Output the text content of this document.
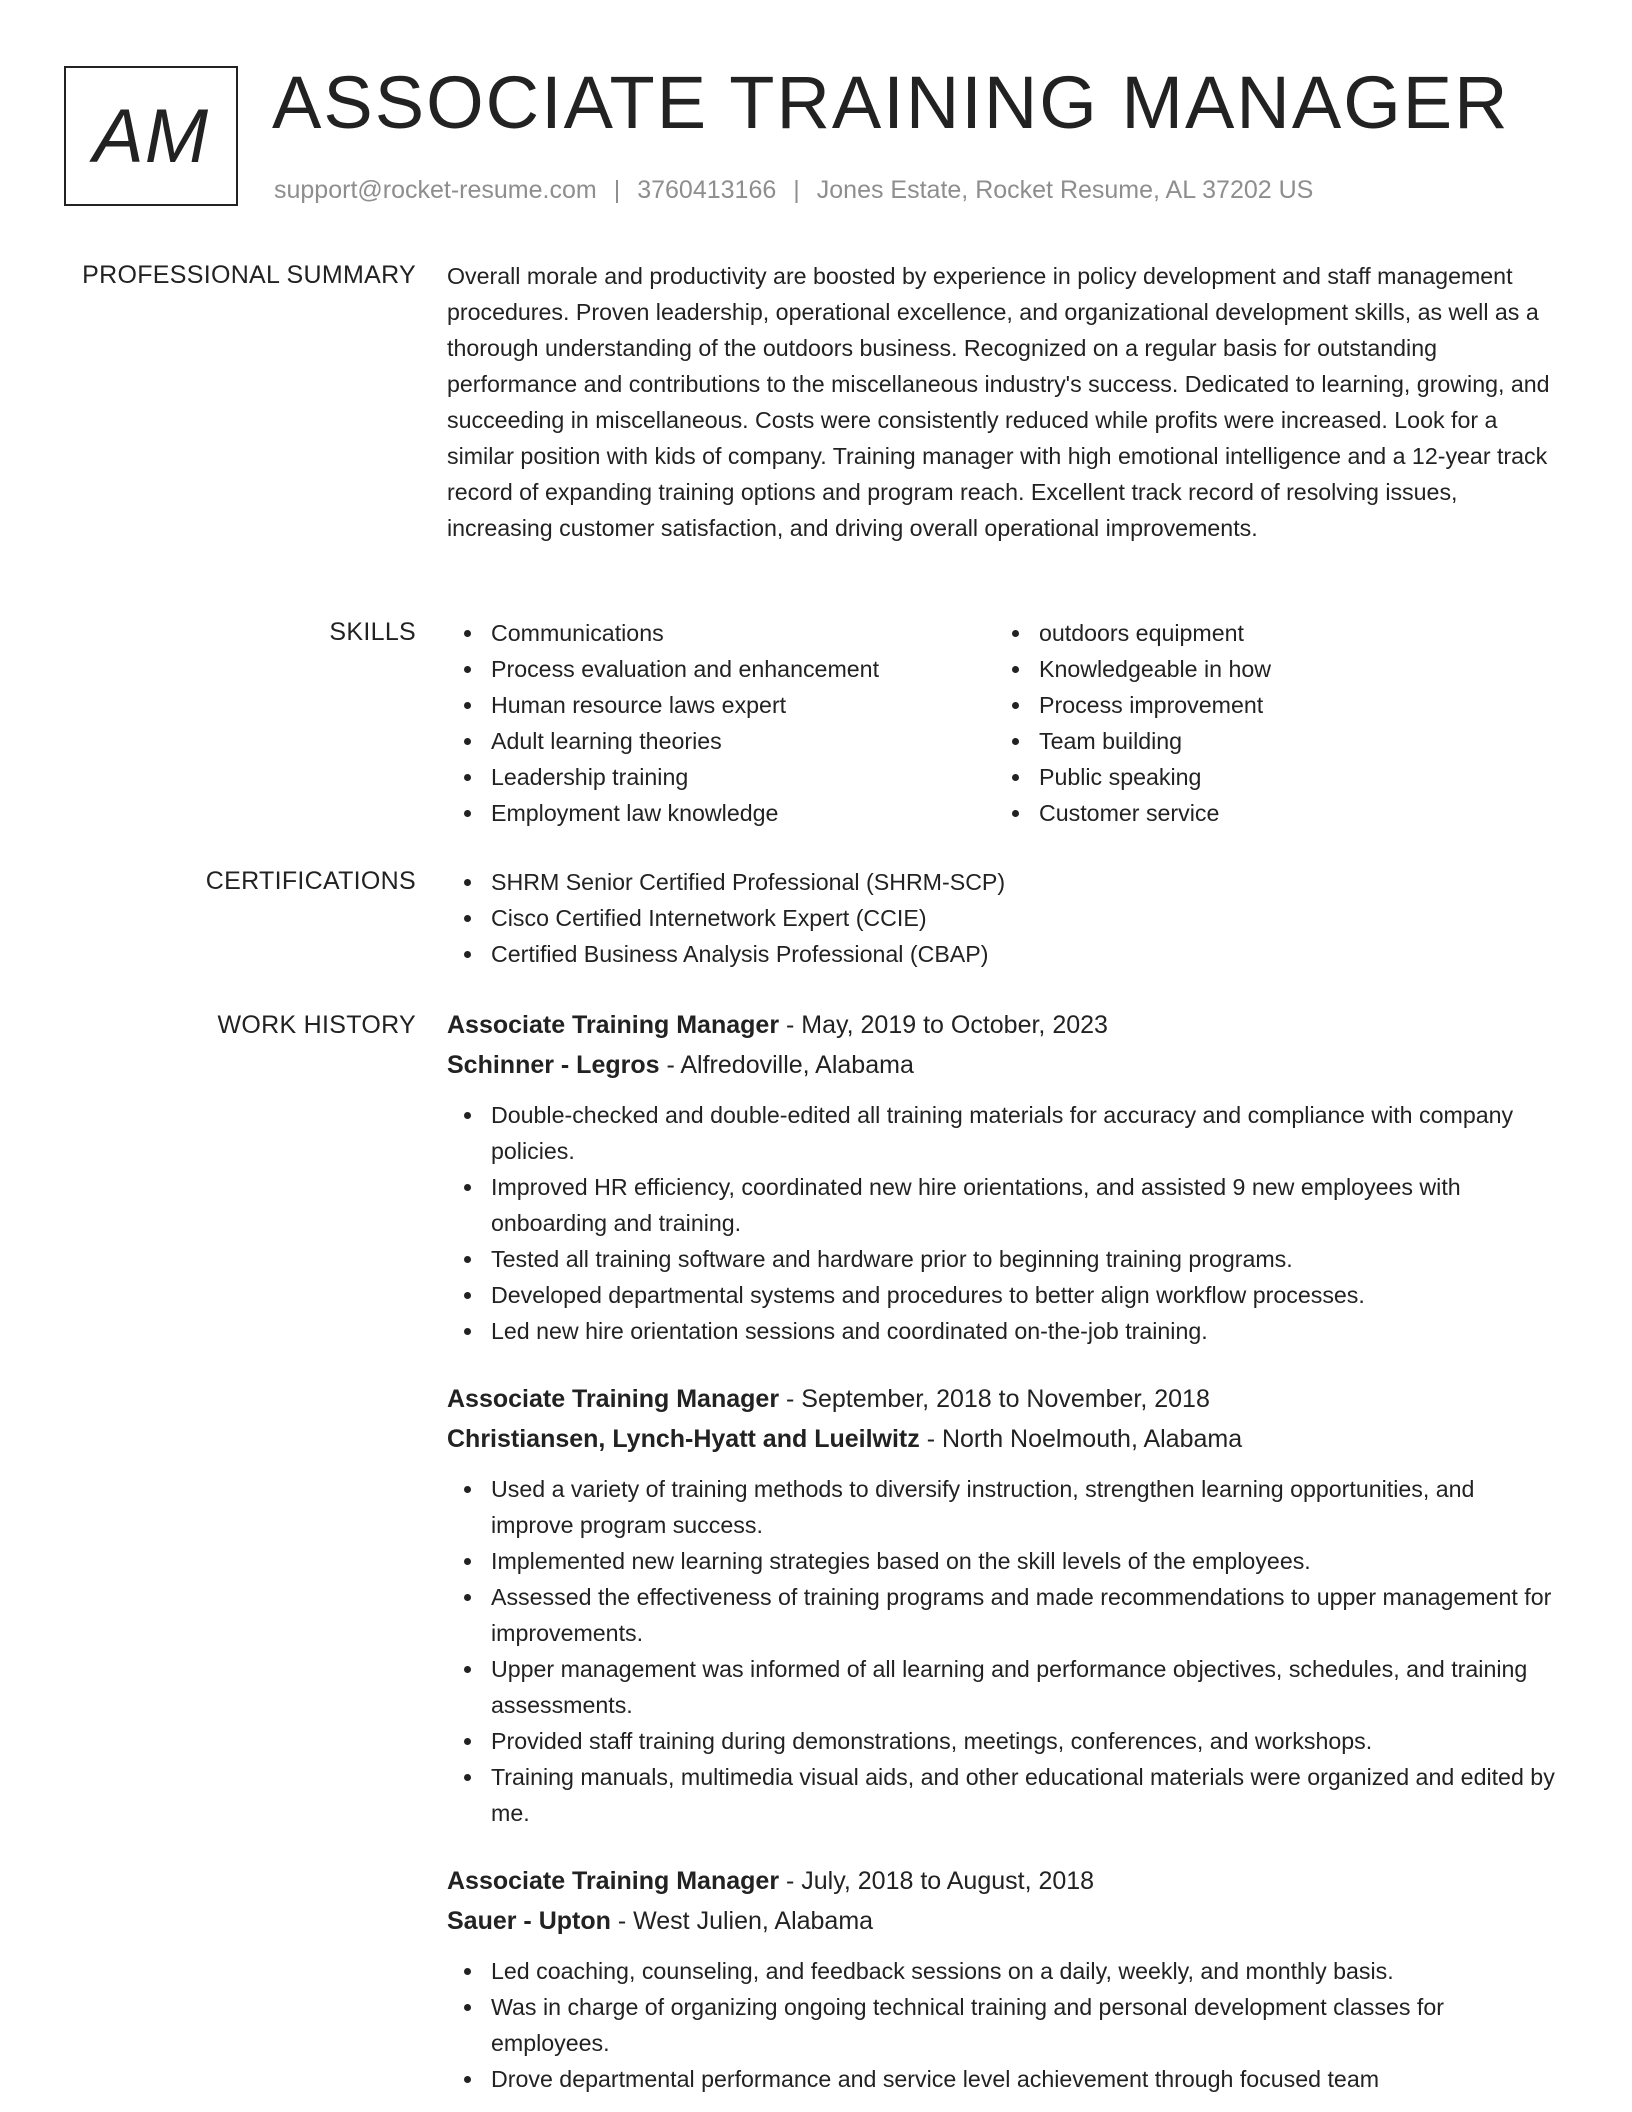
AM ASSOCIATE TRAINING MANAGER
support@rocket-resume.com | 3760413166 | Jones Estate, Rocket Resume, AL 37202 US
PROFESSIONAL SUMMARY Overall morale and productivity are boosted by experience in policy development and staff management procedures. Proven leadership, operational excellence, and organizational development skills, as well as a thorough understanding of the outdoors business. Recognized on a regular basis for outstanding performance and contributions to the miscellaneous industry's success. Dedicated to learning, growing, and succeeding in miscellaneous. Costs were consistently reduced while profits were increased. Look for a similar position with kids of company. Training manager with high emotional intelligence and a 12-year track record of expanding training options and program reach. Excellent track record of resolving issues, increasing customer satisfaction, and driving overall operational improvements.

SKILLS	Communications
Process evaluation and enhancement
Human resource laws expert
Adult learning theories
Leadership training
Employment law knowledge
outdoors equipment
Knowledgeable in how
Process improvement
Team building
Public speaking
Customer service
CERTIFICATIONS	SHRM Senior Certified Professional (SHRM-SCP)
Cisco Certified Internetwork Expert (CCIE)
Certified Business Analysis Professional (CBAP)
WORK HISTORY Associate Training Manager - May, 2019 to October, 2023
Schinner - Legros - Alfredoville, Alabama
Double-checked and double-edited all training materials for accuracy and compliance with company policies.
Improved HR efficiency, coordinated new hire orientations, and assisted 9 new employees with onboarding and training.
Tested all training software and hardware prior to beginning training programs.
Developed departmental systems and procedures to better align workflow processes.
Led new hire orientation sessions and coordinated on-the-job training.
Associate Training Manager - September, 2018 to November, 2018
Christiansen, Lynch-Hyatt and Lueilwitz - North Noelmouth, Alabama
Used a variety of training methods to diversify instruction, strengthen learning opportunities, and improve program success.
Implemented new learning strategies based on the skill levels of the employees.
Assessed the effectiveness of training programs and made recommendations to upper management for improvements.
Upper management was informed of all learning and performance objectives, schedules, and training assessments.
Provided staff training during demonstrations, meetings, conferences, and workshops.
Training manuals, multimedia visual aids, and other educational materials were organized and edited by me.
Associate Training Manager - July, 2018 to August, 2018
Sauer - Upton - West Julien, Alabama
Led coaching, counseling, and feedback sessions on a daily, weekly, and monthly basis.
Was in charge of organizing ongoing technical training and personal development classes for employees.
Drove departmental performance and service level achievement through focused team
